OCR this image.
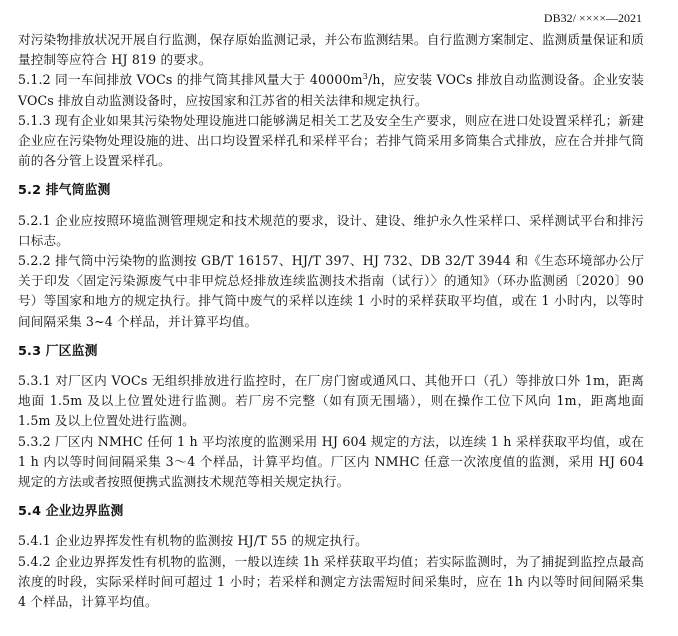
DB32/ ××××—2021

对污染物排放状况开展自行监测，保存原始监测记录，并公布监测结果。自行监测方案制定、监测质量保证和质量控制等应符合 HJ 819 的要求。

5.1.2 同一车间排放 VOCs 的排气筒其排风量大于 $40000m^3/h$，应安装 VOCs 排放自动监测设备。企业安装 VOCs 排放自动监测设备时，应按国家和江苏省的相关法律和规定执行。

5.1.3 现有企业如果其污染物处理设施进口能够满足相关工艺及安全生产要求，则应在进口处设置采样孔；新建企业应在污染物处理设施的进、出口均设置采样孔和采样平台；若排气筒采用多筒集合式排放，应在合并排气筒前的各分管上设置采样孔。

5.2 排气筒监测

5.2.1 企业应按照环境监测管理规定和技术规范的要求，设计、建设、维护永久性采样口、采样测试平台和排污口标志。

5.2.2 排气筒中污染物的监测按 GB/T 16157、HJ/T 397、HJ 732、DB 32/T 3944 和《生态环境部办公厅关于印发〈固定污染源废气中非甲烷总烃排放连续监测技术指南（试行）〉的通知》（环办监测函〔2020〕90 号）等国家和地方的规定执行。排气筒中废气的采样以连续 1 小时的采样获取平均值，或在 1 小时内，以等时间间隔采集 3~4 个样品，并计算平均值。

5.3 厂区监测

5.3.1 对厂区内 VOCs 无组织排放进行监控时，在厂房门窗或通风口、其他开口（孔）等排放口外 1m，距离地面 1.5m 及以上位置处进行监测。若厂房不完整（如有顶无围墙），则在操作工位下风向 1m，距离地面 1.5m 及以上位置处进行监测。

5.3.2 厂区内 NMHC 任何 1 h 平均浓度的监测采用 HJ 604 规定的方法，以连续 1 h 采样获取平均值，或在 1 h 内以等时间间隔采集 3～4 个样品，计算平均值。厂区内 NMHC 任意一次浓度值的监测，采用 HJ 604 规定的方法或者按照便携式监测技术规范等相关规定执行。

5.4 企业边界监测

5.4.1 企业边界挥发性有机物的监测按 HJ/T 55 的规定执行。

5.4.2 企业边界挥发性有机物的监测，一般以连续 1h 采样获取平均值；若实际监测时，为了捕捉到监控点最高浓度的时段，实际采样时间可超过 1 小时；若采样和测定方法需短时间采集时，应在 1h 内以等时间间隔采集 4 个样品，计算平均值。
